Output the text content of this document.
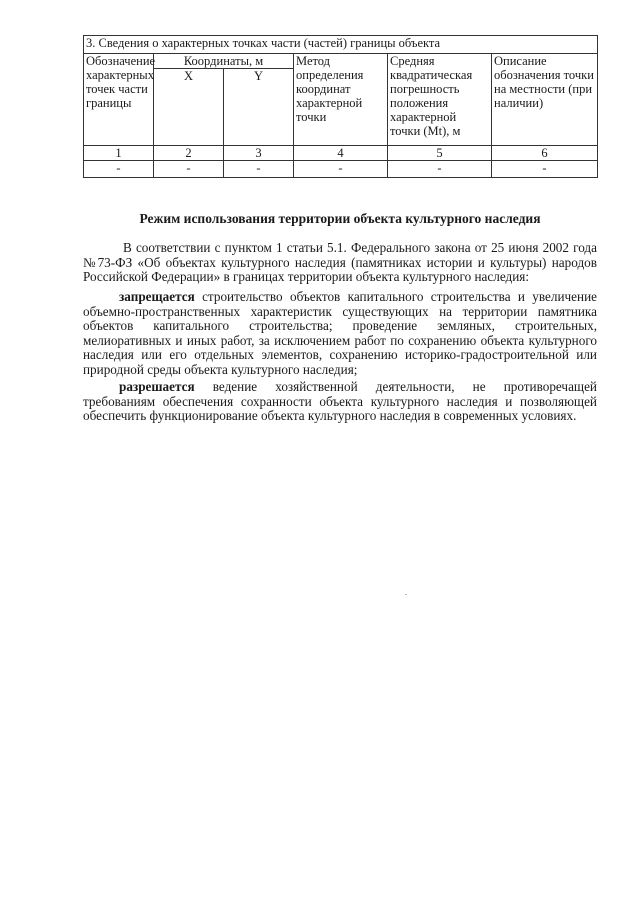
3. Сведения о характерных точках части (частей) границы объекта					
Обозначение характерных точек части границы	Координаты, м		Метод определения координат характерной точки	Средняя квадратическая погрешность положения характерной точки (Mt), м	Описание обозначения точки на местности (при наличии)
	X	Y			
1	2	3	4	5	6
-	-	-	-	-	-
Режим использования территории объекта культурного наследия

В соответствии с пунктом 1 статьи 5.1. Федерального закона от 25 июня 2002 года №73-ФЗ «Об объектах культурного наследия (памятниках истории и культуры) народов Российской Федерации» в границах территории объекта культурного наследия:

запрещается строительство объектов капитального строительства и увеличение объемно-пространственных характеристик существующих на территории памятника объектов капитального строительства; проведение земляных, строительных, мелиоративных и иных работ, за исключением работ по сохранению объекта культурного наследия или его отдельных элементов, сохранению историко-градостроительной или природной среды объекта культурного наследия;

разрешается ведение хозяйственной деятельности, не противоречащей требованиям обеспечения сохранности объекта культурного наследия и позволяющей обеспечить функционирование объекта культурного наследия в современных условиях.
